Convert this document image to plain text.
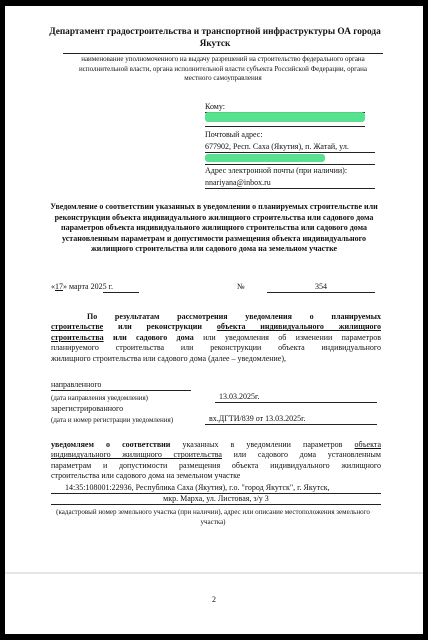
Департамент градостроительства и транспортной инфраструктуры ОА города Якутск
наименование уполномоченного на выдачу разрешений на строительство федерального органа исполнительной власти, органа исполнительной власти субъекта Российской Федерации, органа местного самоуправления
Кому:
Почтовый адрес:
677902, Респ. Саха (Якутия), п. Жатай, ул.
Адрес электронной почты (при наличии):
nnariyana@inbox.ru
Уведомление о соответствии указанных в уведомлении о планируемых строительстве или реконструкции объекта индивидуального жилищного строительства или садового дома параметров объекта индивидуального жилищного строительства или садового дома установленным параметрам и допустимости размещения объекта индивидуального жилищного строительства или садового дома на земельном участке
«17» марта 2025 г.	№	354
По результатам рассмотрения уведомления о планируемых
строительстве или реконструкции объекта индивидуального жилищного
строительства или садового дома или уведомления об изменении параметров
планируемого строительства или реконструкции объекта индивидуального
жилищного строительства или садового дома (далее – уведомление),
направленного
(дата направления уведомления)	13.03.2025г.
зарегистрированного
(дата и номер регистрации уведомления)	вх.ДГТИ/839 от 13.03.2025г.
уведомляем о соответствии указанных в уведомлении параметров объекта
индивидуального жилищного строительства или садового дома установленным
параметрам и допустимости размещения объекта индивидуального жилищного
строительства или садового дома на земельном участке
14:35:108001:22936, Республика Саха (Якутия), г.о. "город Якутск", г. Якутск,
мкр. Марха, ул. Листовая, з/у 3
(кадастровый номер земельного участка (при наличии), адрес или описание местоположения земельного участка)
2
